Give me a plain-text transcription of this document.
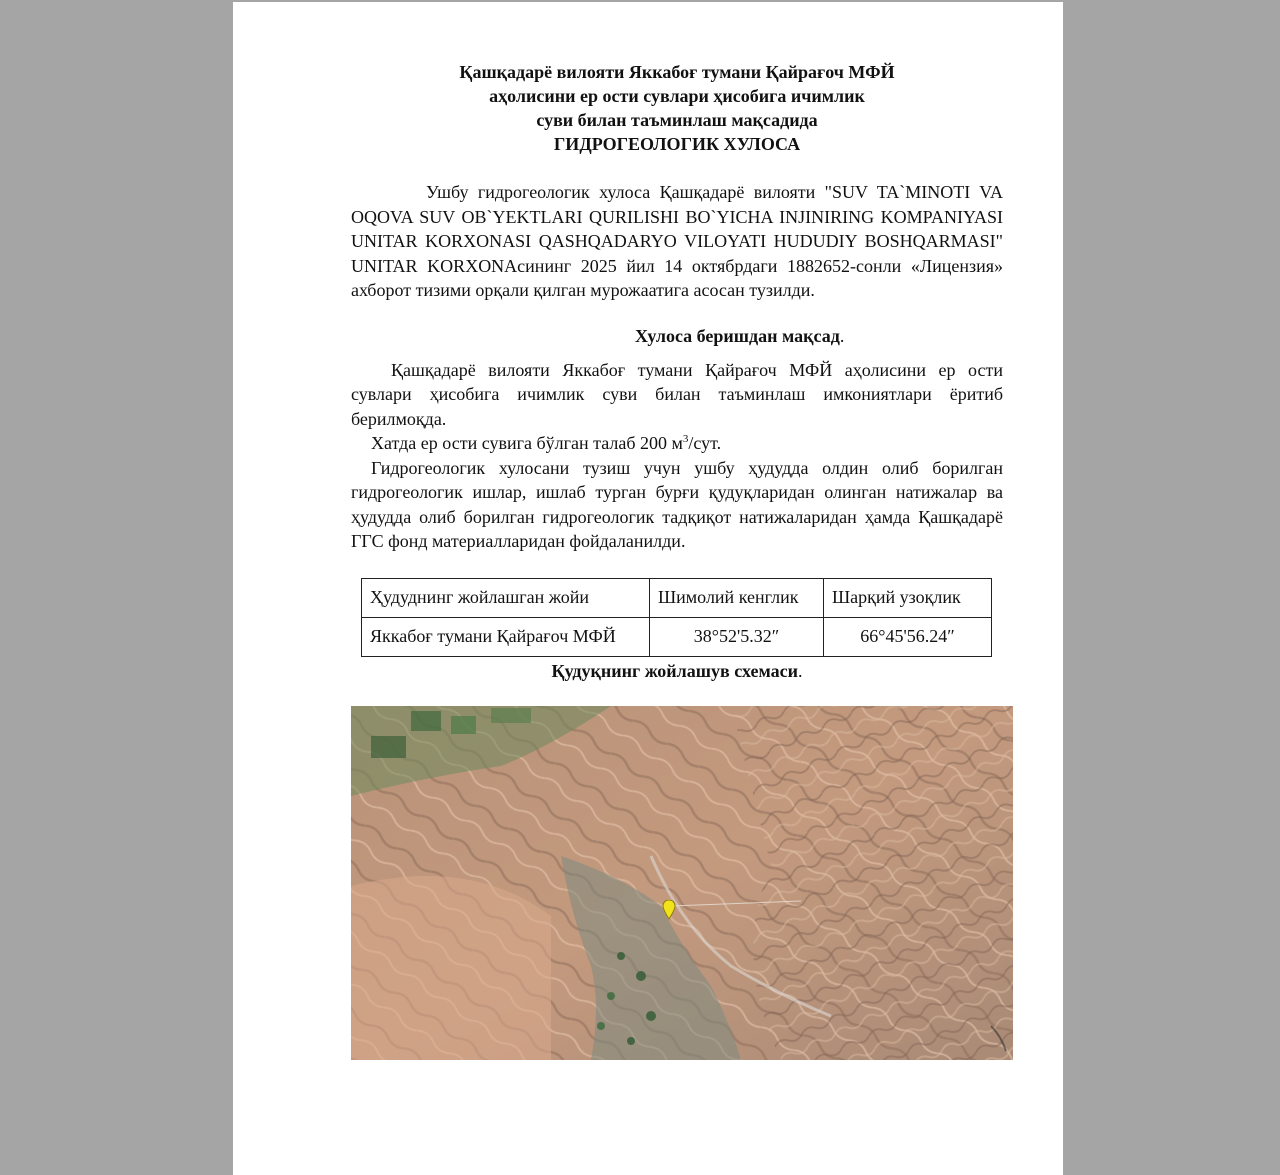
Қашқадарё вилояти Яккабоғ тумани Қайрағоч МФЙ

аҳолисини ер ости сувлари ҳисобига ичимлик

суви билан таъминлаш мақсадида

ГИДРОГЕОЛОГИК ХУЛОСА

Ушбу гидрогеологик хулоса Қашқадарё вилояти "SUV TA`MINOTI VA OQOVA SUV OB`YEKTLARI QURILISHI BO`YICHA INJINIRING KOMPANIYASI UNITAR KORXONASI QASHQADARYO VILOYATI HUDUDIY BOSHQARMASI" UNITAR KORXONAсининг 2025 йил 14 октябрдаги 1882652-сонли «Лицензия» ахборот тизими орқали қилган мурожаатига асосан тузилди.

Хулоса беришдан мақсад.

Қашқадарё вилояти Яккабоғ тумани Қайрағоч МФЙ аҳолисини ер ости сувлари ҳисобига ичимлик суви билан таъминлаш имкониятлари ёритиб берилмоқда.

Хатда ер ости сувига бўлган талаб 200 $м^3$/сут.

Гидрогеологик хулосани тузиш учун ушбу ҳудудда олдин олиб борилган гидрогеологик ишлар, ишлаб турган бурғи қудуқларидан олинган натижалар ва ҳудудда олиб борилган гидрогеологик тадқиқот натижаларидан ҳамда Қашқадарё ГГС фонд материалларидан фойдаланилди.

Ҳудуднинг жойлашган жойи	Шимолий кенглик	Шарқий узоқлик
Яккабоғ тумани Қайрағоч МФЙ	38°52'5.32″	66°45'56.24″

Қудуқнинг жойлашув схемаси.
